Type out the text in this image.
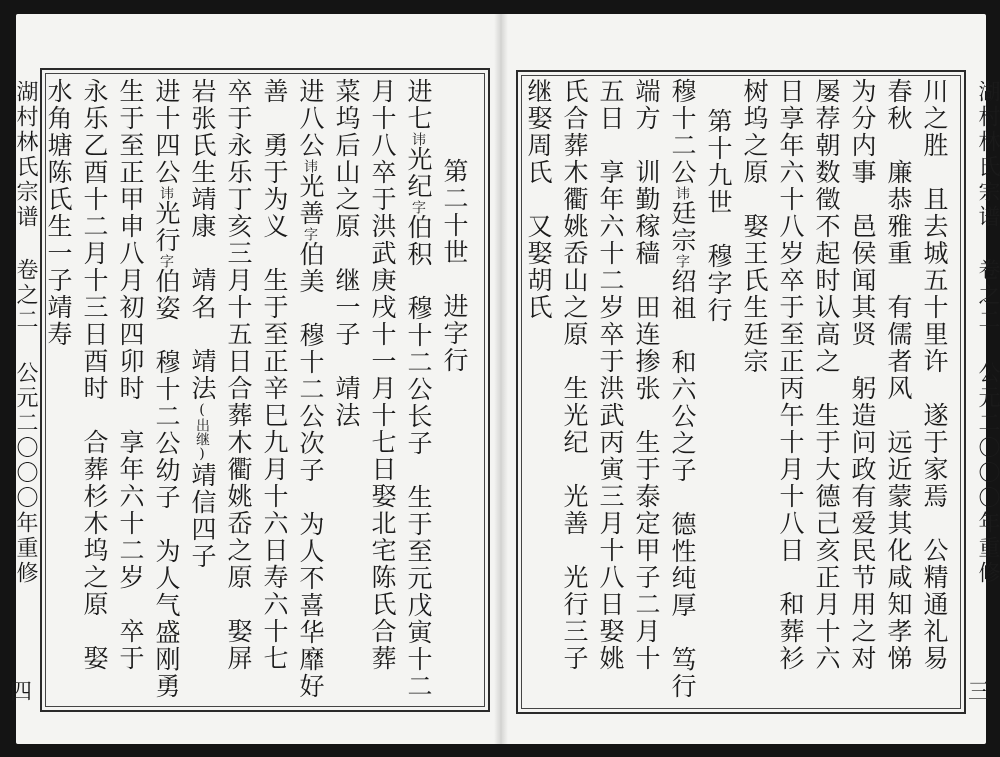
湖村林氏宗谱 卷之二 公元二〇〇〇年重修	湖村林氏宗谱 卷之二 公元二〇〇〇年重修
四	三
第二十世　进字行
进七讳光纪字伯积　穆十二公长子　生于至元戊寅十二
月十八卒于洪武庚戌十一月十七日娶北宅陈氏合葬
菜坞后山之原　继一子　靖法
进八公讳光善字伯美　穆十二公次子　为人不喜华靡好
善　勇于为义　生于至正辛巳九月十六日寿六十七
卒于永乐丁亥三月十五日合葬木衢姚岙之原　娶屏
岩张氏生靖康　靖名　靖法(出继)靖信四子
进十四公讳光行字伯姿　穆十二公幼子　为人气盛刚勇
生于至正甲申八月初四卯时　享年六十二岁　卒于
永乐乙酉十二月十三日酉时　合葬杉木坞之原　娶
水角塘陈氏生一子靖寿	川之胜　且去城五十里许　遂于家焉　公精通礼易
春秋　廉恭雅重　有儒者风　远近蒙其化咸知孝悌
为分内事　邑侯闻其贤　躬造问政有爱民节用之对
屡荐朝数徵不起时认高之　生于大德己亥正月十六
日享年六十八岁卒于至正丙午十月十八日　和葬衫
树坞之原　娶王氏生廷宗
第十九世　穆字行
穆十二公讳廷宗字绍祖　和六公之子　德性纯厚　笃行
端方　训勤稼穑　田连掺张　生于泰定甲子二月十
五日　享年六十二岁卒于洪武丙寅三月十八日娶姚
氏合葬木衢姚岙山之原　生光纪　光善　光行三子
继娶周氏　又娶胡氏
